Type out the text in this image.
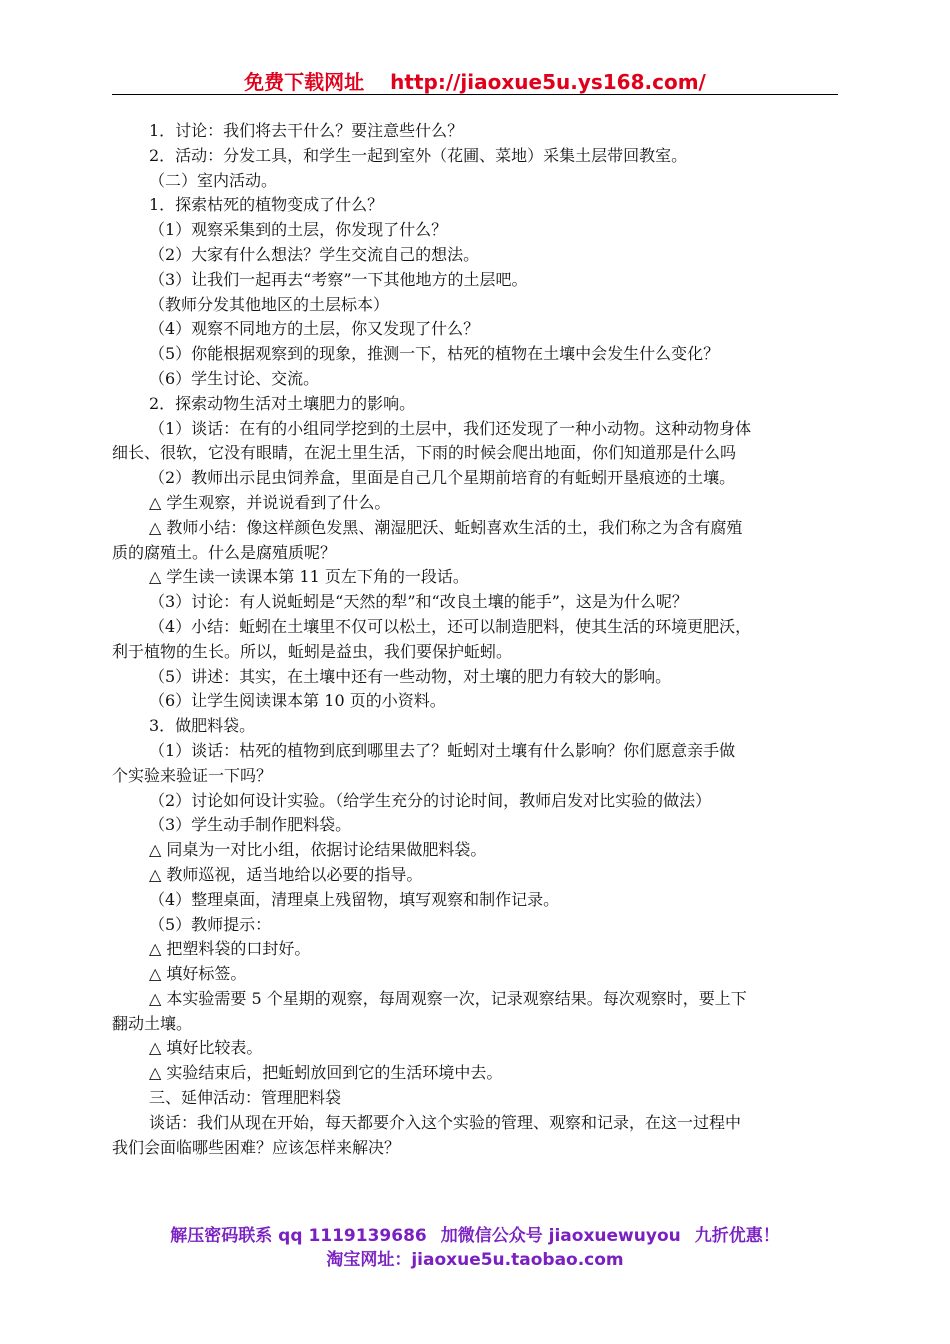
免费下载网址 http://jiaoxue5u.ys168.com/
1．讨论：我们将去干什么？要注意些什么？
2．活动：分发工具，和学生一起到室外（花圃、菜地）采集土层带回教室。
（二）室内活动。
1．探索枯死的植物变成了什么？
（1）观察采集到的土层，你发现了什么？
（2）大家有什么想法？学生交流自己的想法。
（3）让我们一起再去“考察”一下其他地方的土层吧。
（教师分发其他地区的土层标本）
（4）观察不同地方的土层，你又发现了什么？
（5）你能根据观察到的现象，推测一下，枯死的植物在土壤中会发生什么变化？
（6）学生讨论、交流。
2．探索动物生活对土壤肥力的影响。
（1）谈话：在有的小组同学挖到的土层中，我们还发现了一种小动物。这种动物身体
细长、很软，它没有眼睛，在泥土里生活，下雨的时候会爬出地面，你们知道那是什么吗
（2）教师出示昆虫饲养盒，里面是自己几个星期前培育的有蚯蚓开垦痕迹的土壤。
△ 学生观察，并说说看到了什么。
△ 教师小结：像这样颜色发黑、潮湿肥沃、蚯蚓喜欢生活的土，我们称之为含有腐殖
质的腐殖土。什么是腐殖质呢？
△ 学生读一读课本第 11 页左下角的一段话。
（3）讨论：有人说蚯蚓是“天然的犁”和“改良土壤的能手”，这是为什么呢？
（4）小结：蚯蚓在土壤里不仅可以松土，还可以制造肥料，使其生活的环境更肥沃，
利于植物的生长。所以，蚯蚓是益虫，我们要保护蚯蚓。
（5）讲述：其实，在土壤中还有一些动物，对土壤的肥力有较大的影响。
（6）让学生阅读课本第 10 页的小资料。
3．做肥料袋。
（1）谈话：枯死的植物到底到哪里去了？蚯蚓对土壤有什么影响？你们愿意亲手做
个实验来验证一下吗？
（2）讨论如何设计实验。（给学生充分的讨论时间，教师启发对比实验的做法）
（3）学生动手制作肥料袋。
△ 同桌为一对比小组，依据讨论结果做肥料袋。
△ 教师巡视，适当地给以必要的指导。
（4）整理桌面，清理桌上残留物，填写观察和制作记录。
（5）教师提示：
△ 把塑料袋的口封好。
△ 填好标签。
△ 本实验需要 5 个星期的观察，每周观察一次，记录观察结果。每次观察时，要上下
翻动土壤。
△ 填好比较表。
△ 实验结束后，把蚯蚓放回到它的生活环境中去。
三、延伸活动：管理肥料袋
谈话：我们从现在开始，每天都要介入这个实验的管理、观察和记录，在这一过程中
我们会面临哪些困难？应该怎样来解决？
解压密码联系 qq 1119139686 加微信公众号 jiaoxuewuyou 九折优惠！
淘宝网址：jiaoxue5u.taobao.com
